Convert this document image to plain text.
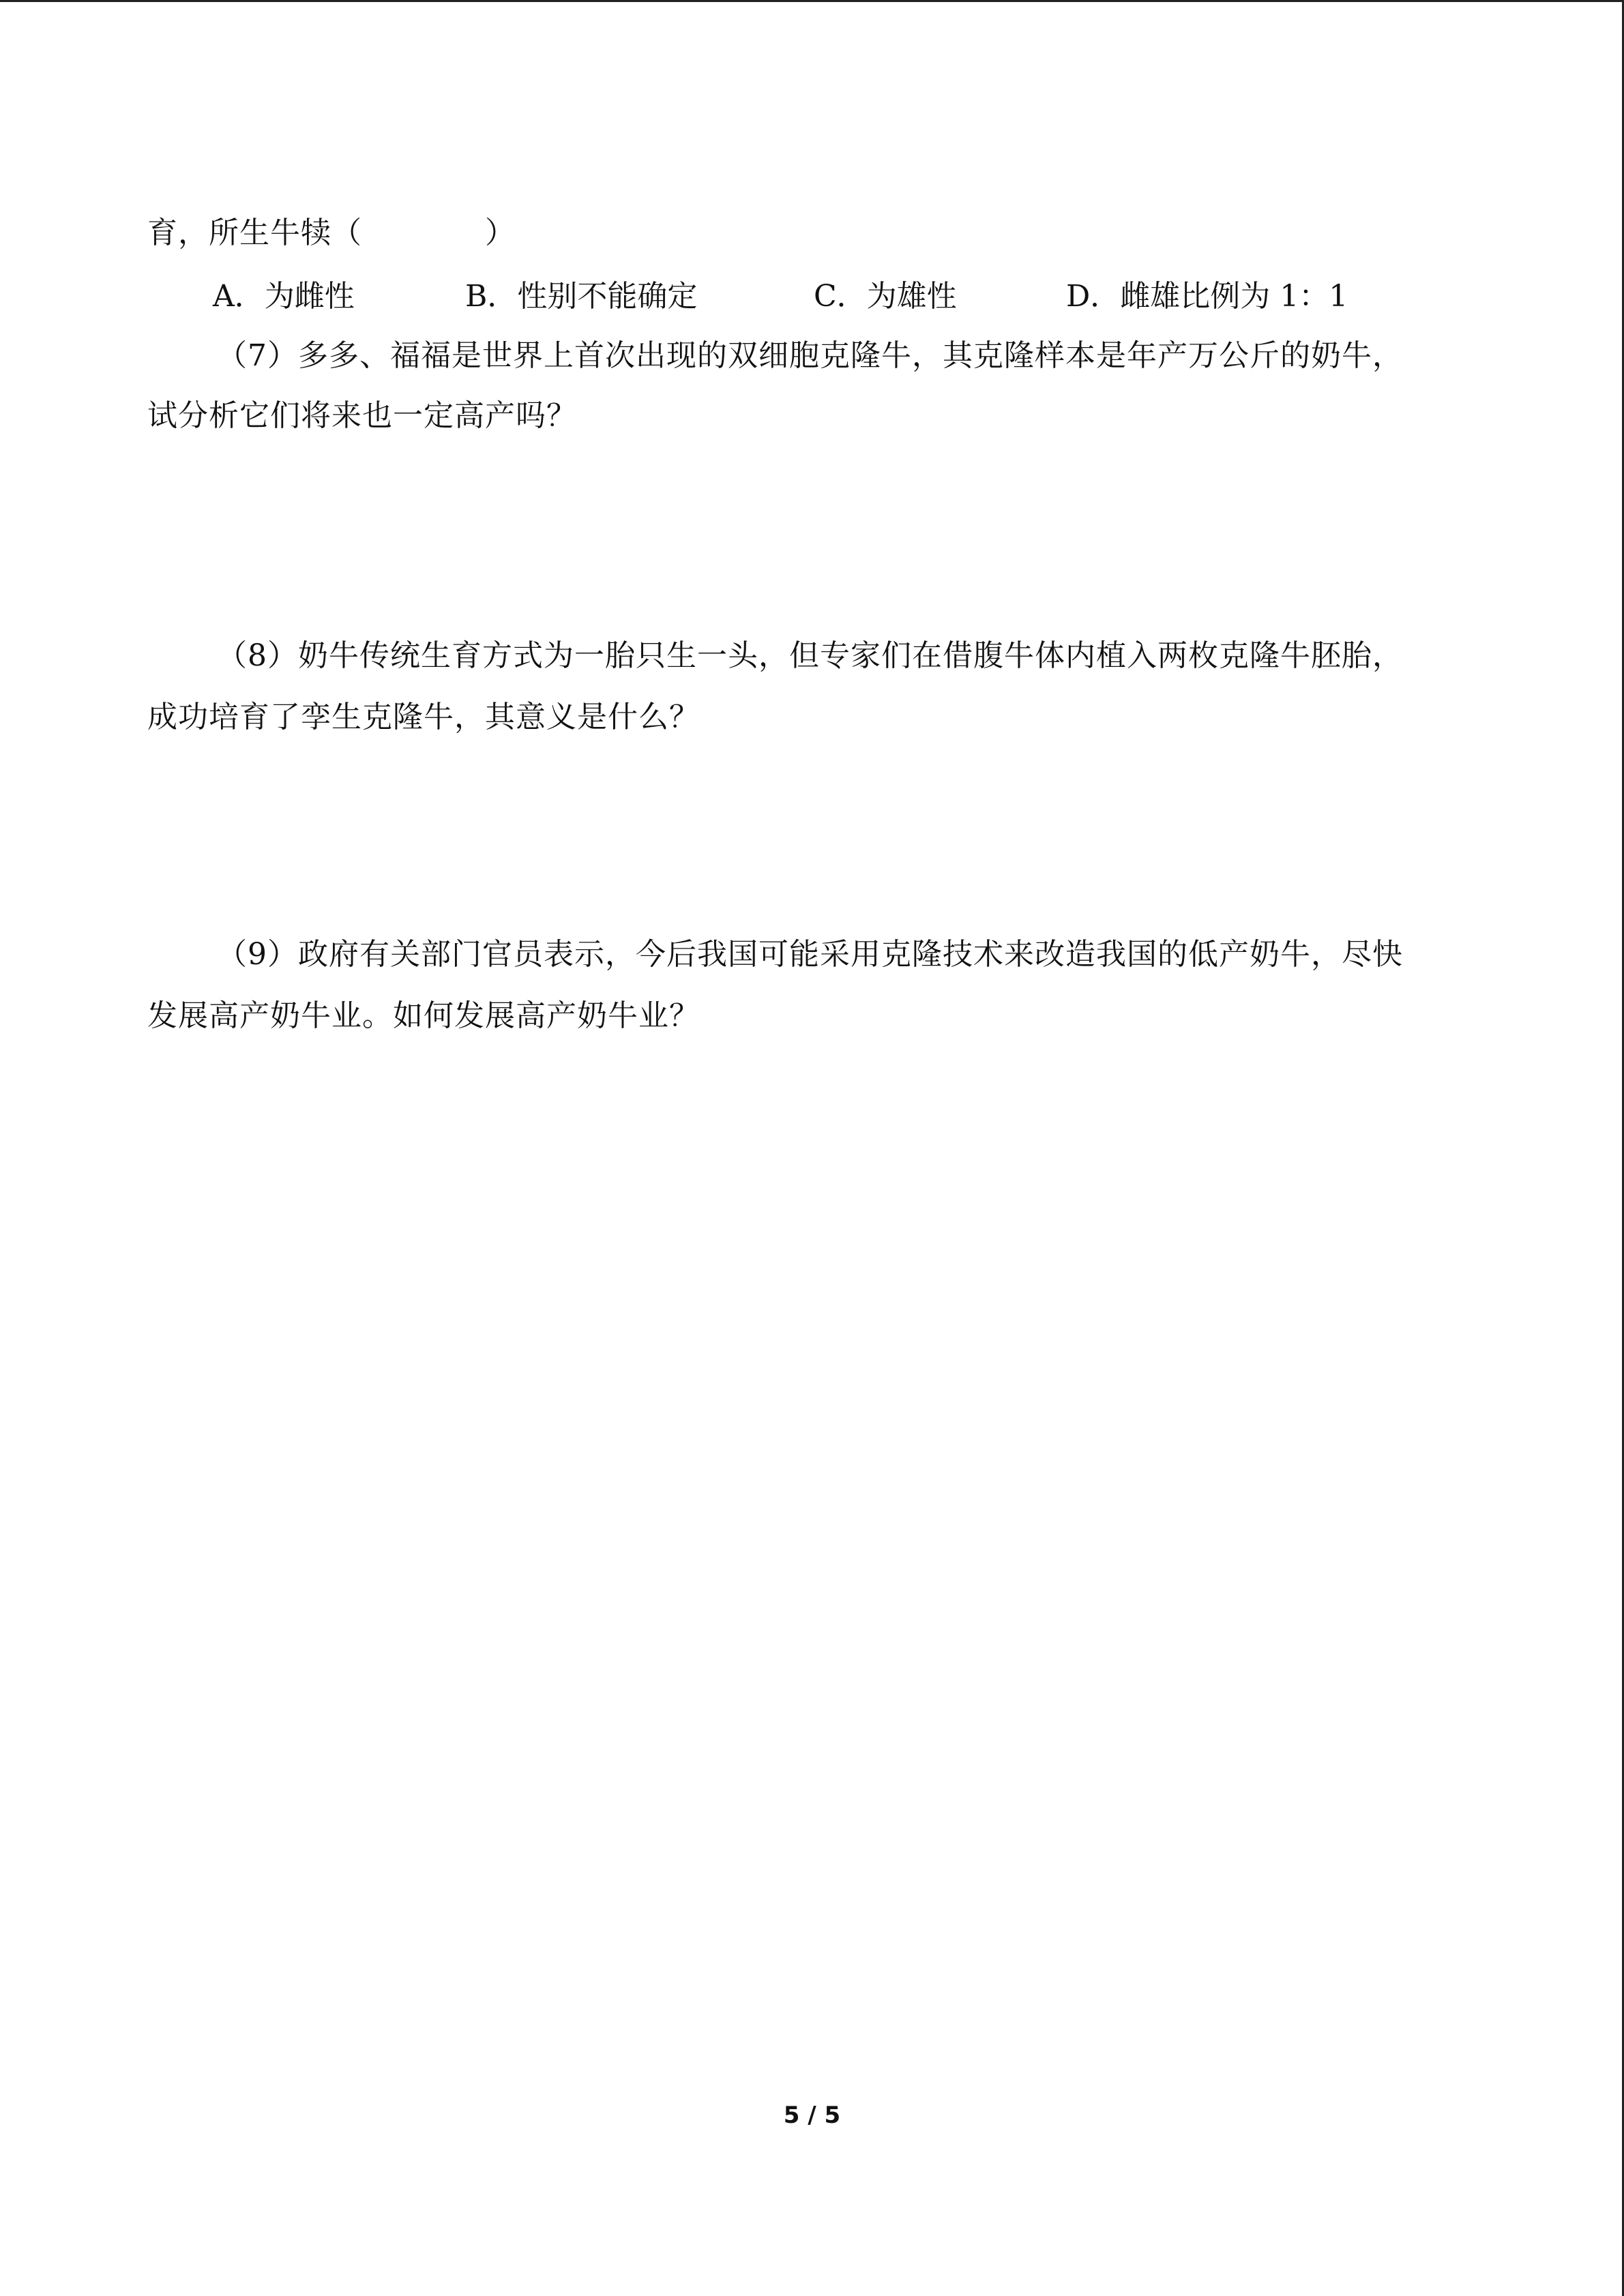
育，所生牛犊（　　　　）
A．为雌性	B．性别不能确定	C．为雄性	D．雌雄比例为 1：1
（7）多多、福福是世界上首次出现的双细胞克隆牛，其克隆样本是年产万公斤的奶牛，
试分析它们将来也一定高产吗？
（8）奶牛传统生育方式为一胎只生一头，但专家们在借腹牛体内植入两枚克隆牛胚胎，
成功培育了孪生克隆牛，其意义是什么？
（9）政府有关部门官员表示，今后我国可能采用克隆技术来改造我国的低产奶牛，尽快
发展高产奶牛业。如何发展高产奶牛业？
5 / 5
